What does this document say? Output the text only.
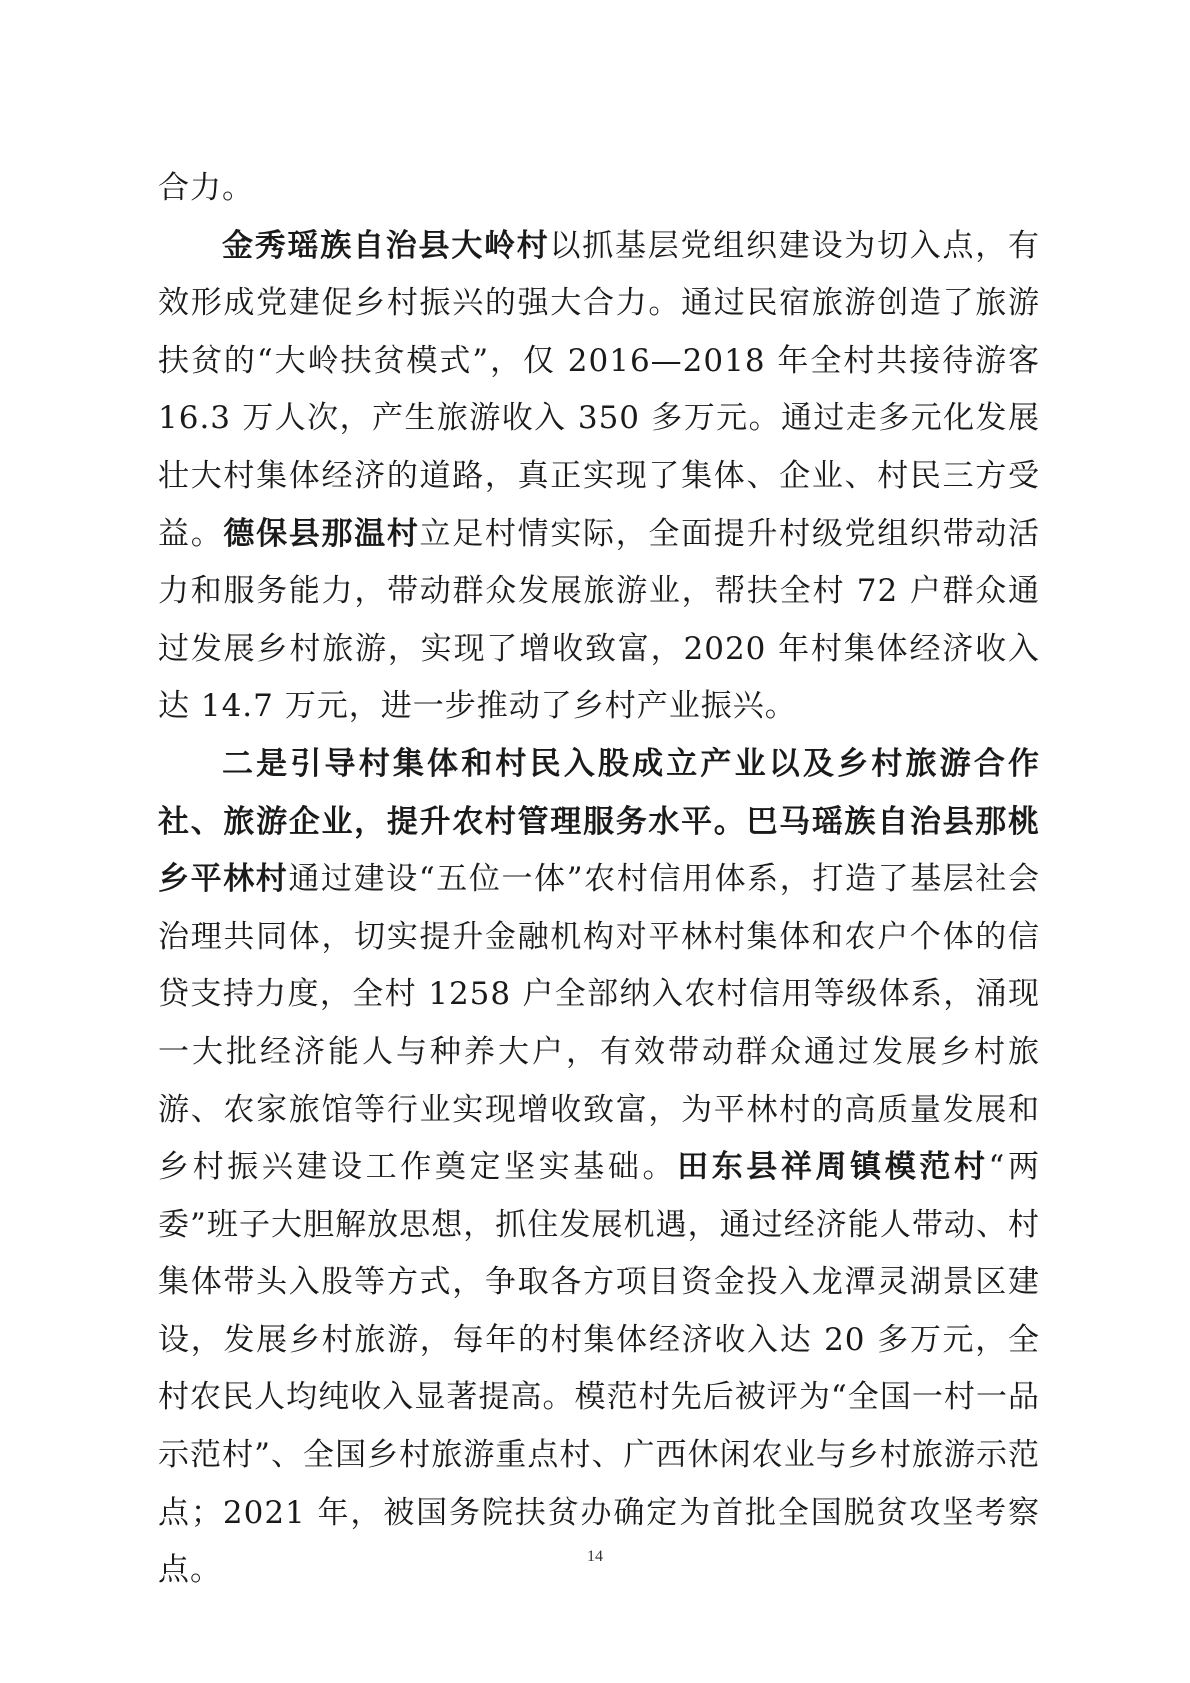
合力。

金秀瑶族自治县大岭村以抓基层党组织建设为切入点，有效形成党建促乡村振兴的强大合力。通过民宿旅游创造了旅游扶贫的“大岭扶贫模式”，仅 2016—2018 年全村共接待游客 16.3 万人次，产生旅游收入 350 多万元。通过走多元化发展壮大村集体经济的道路，真正实现了集体、企业、村民三方受益。德保县那温村立足村情实际，全面提升村级党组织带动活力和服务能力，带动群众发展旅游业，帮扶全村 72 户群众通过发展乡村旅游，实现了增收致富，2020 年村集体经济收入达 14.7 万元，进一步推动了乡村产业振兴。

二是引导村集体和村民入股成立产业以及乡村旅游合作社、旅游企业，提升农村管理服务水平。巴马瑶族自治县那桃乡平林村通过建设“五位一体”农村信用体系，打造了基层社会治理共同体，切实提升金融机构对平林村集体和农户个体的信贷支持力度，全村 1258 户全部纳入农村信用等级体系，涌现一大批经济能人与种养大户，有效带动群众通过发展乡村旅游、农家旅馆等行业实现增收致富，为平林村的高质量发展和乡村振兴建设工作奠定坚实基础。田东县祥周镇模范村“两委”班子大胆解放思想，抓住发展机遇，通过经济能人带动、村集体带头入股等方式，争取各方项目资金投入龙潭灵湖景区建设，发展乡村旅游，每年的村集体经济收入达 20 多万元，全村农民人均纯收入显著提高。模范村先后被评为“全国一村一品示范村”、全国乡村旅游重点村、广西休闲农业与乡村旅游示范点；2021 年，被国务院扶贫办确定为首批全国脱贫攻坚考察点。	14
